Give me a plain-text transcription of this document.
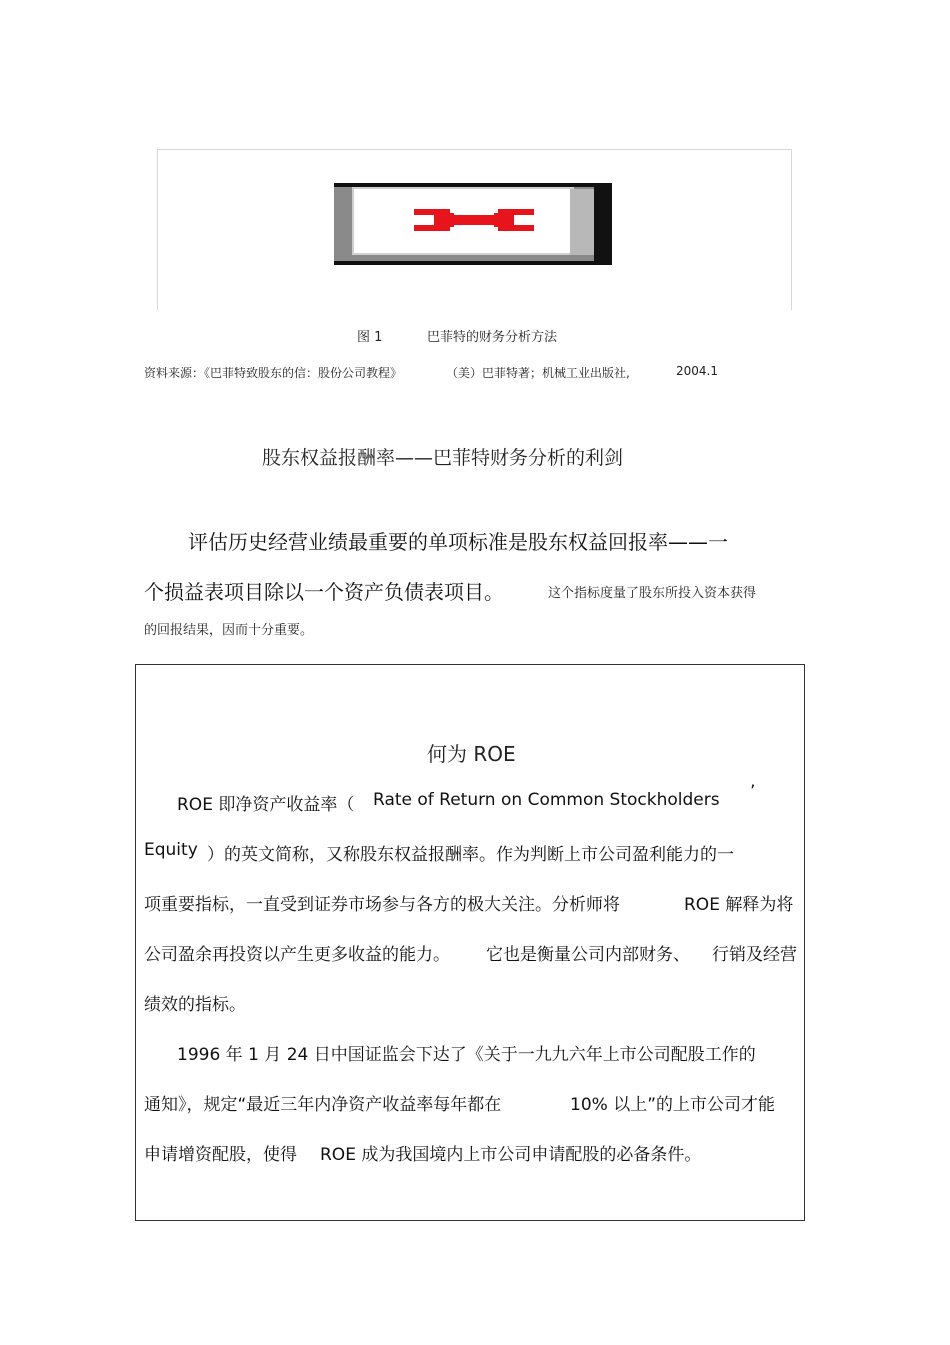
图 1	巴菲特的财务分析方法
资料来源：《巴菲特致股东的信：股份公司教程》	（美）巴菲特著；机械工业出版社,	2004.1
股东权益报酬率——巴菲特财务分析的利剑
评估历史经营业绩最重要的单项标准是股东权益回报率——一
个损益表项目除以一个资产负债表项目。	这个指标度量了股东所投入资本获得
的回报结果，因而十分重要。
何为 ROE
ROE 即净资产收益率（ Rate of Return on Common Stockholders ’
Equity ）的英文简称，又称股东权益报酬率。作为判断上市公司盈利能力的一
项重要指标，一直受到证券市场参与各方的极大关注。分析师将	ROE 解释为将
公司盈余再投资以产生更多收益的能力。 它也是衡量公司内部财务、 行销及经营
绩效的指标。
1996 年 1 月 24 日中国证监会下达了《关于一九九六年上市公司配股工作的
通知》，规定“最近三年内净资产收益率每年都在	10% 以上”的上市公司才能
申请增资配股，使得 ROE 成为我国境内上市公司申请配股的必备条件。
